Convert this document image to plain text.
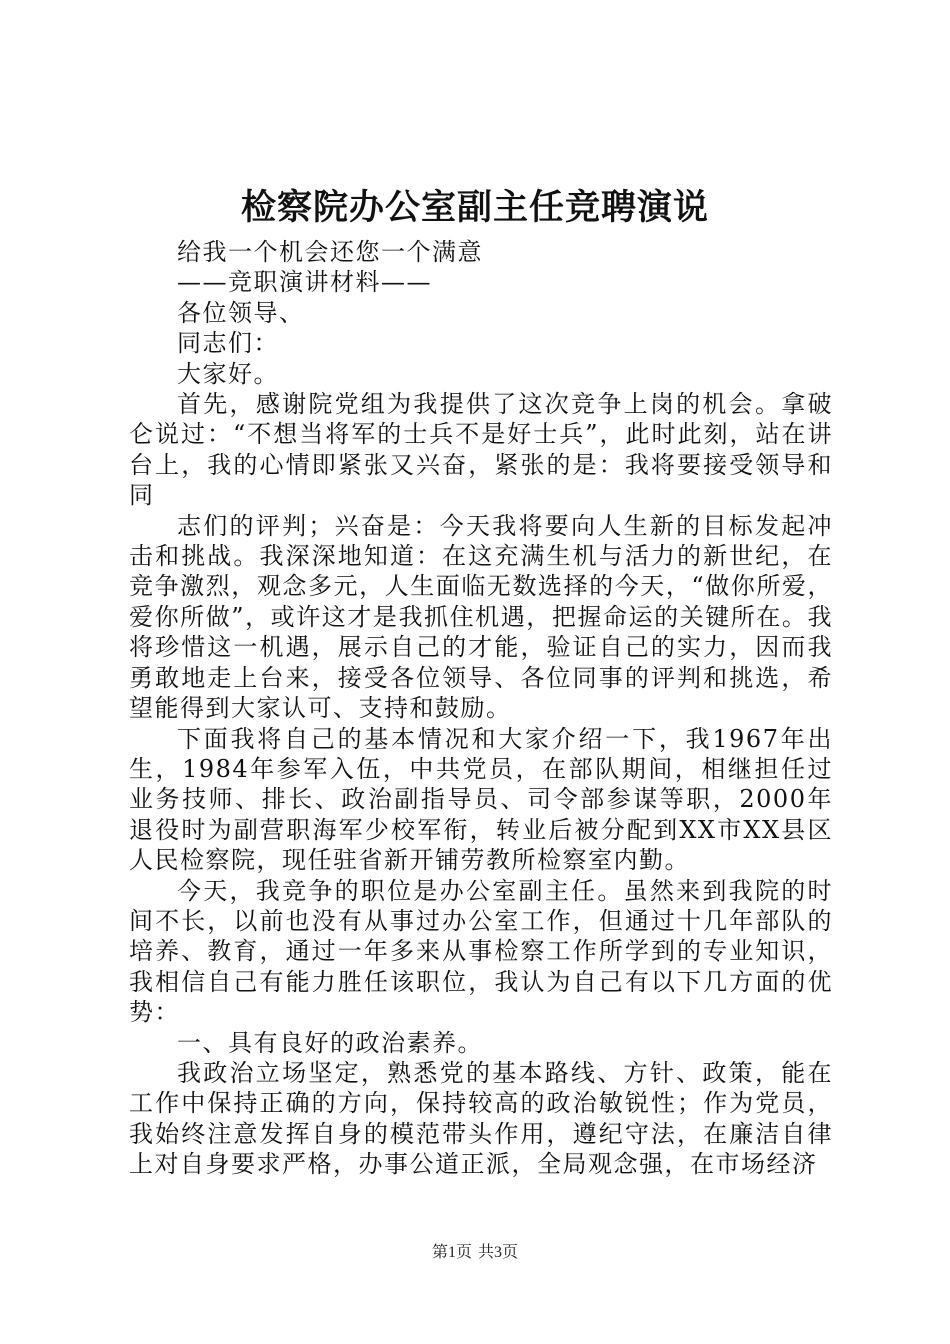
检察院办公室副主任竞聘演说

给我一个机会还您一个满意

——竞职演讲材料——

各位领导、

同志们：

大家好。

首先，感谢院党组为我提供了这次竞争上岗的机会。拿破仑说过：“不想当将军的士兵不是好士兵”，此时此刻，站在讲台上，我的心情即紧张又兴奋，紧张的是：我将要接受领导和同

志们的评判；兴奋是：今天我将要向人生新的目标发起冲击和挑战。我深深地知道：在这充满生机与活力的新世纪，在竞争激烈，观念多元，人生面临无数选择的今天，“做你所爱，爱你所做”，或许这才是我抓住机遇，把握命运的关键所在。我将珍惜这一机遇，展示自己的才能，验证自己的实力，因而我勇敢地走上台来，接受各位领导、各位同事的评判和挑选，希望能得到大家认可、支持和鼓励。

下面我将自己的基本情况和大家介绍一下，我1967年出生，1984年参军入伍，中共党员，在部队期间，相继担任过业务技师、排长、政治副指导员、司令部参谋等职，2000年退役时为副营职海军少校军衔，转业后被分配到XX市XX县区人民检察院，现任驻省新开铺劳教所检察室内勤。

今天，我竞争的职位是办公室副主任。虽然来到我院的时间不长，以前也没有从事过办公室工作，但通过十几年部队的培养、教育，通过一年多来从事检察工作所学到的专业知识，我相信自己有能力胜任该职位，我认为自己有以下几方面的优势：

一、具有良好的政治素养。

我政治立场坚定，熟悉党的基本路线、方针、政策，能在工作中保持正确的方向，保持较高的政治敏锐性；作为党员，我始终注意发挥自身的模范带头作用，遵纪守法，在廉洁自律上对自身要求严格，办事公道正派，全局观念强，在市场经济

第1页 共3页
